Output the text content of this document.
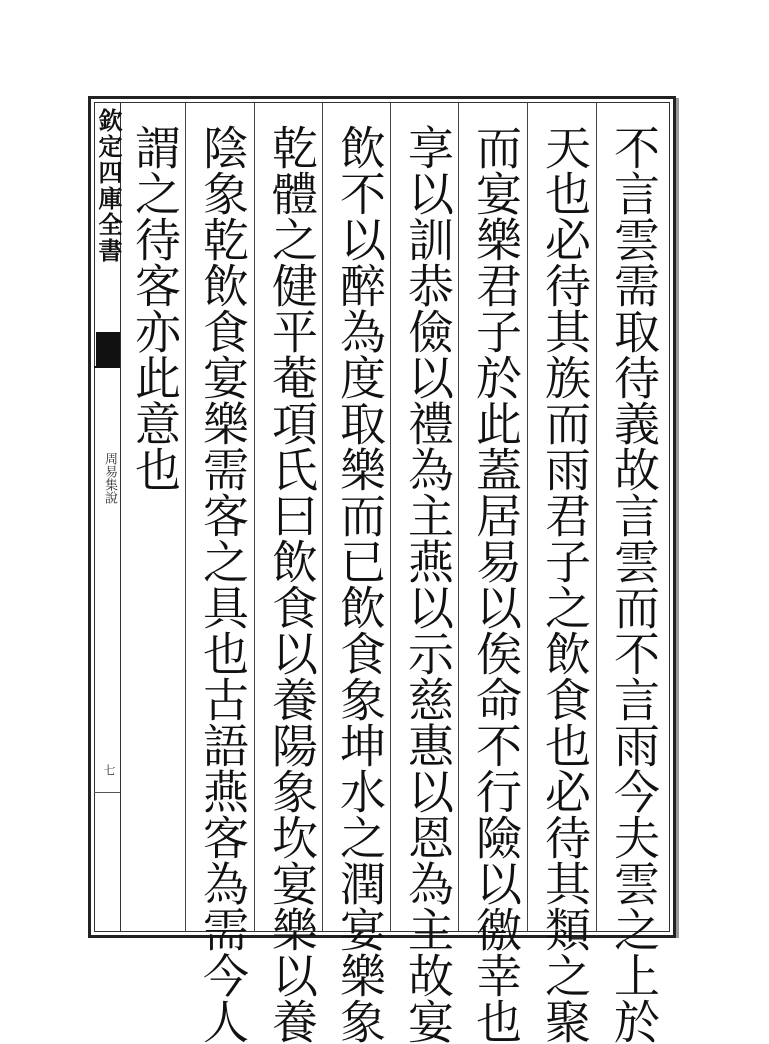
欽定四庫全書
周易集說
七	不言雲需取待義故言雲而不言雨今夫雲之上於
天也必待其族而雨君子之飲食也必待其類之聚
而宴樂君子於此蓋居易以俟命不行險以徼幸也
享以訓恭儉以禮為主燕以示慈惠以恩為主故宴
飲不以醉為度取樂而已飲食象坤水之潤宴樂象
乾體之健平菴項氏曰飲食以養陽象坎宴樂以養
陰象乾飲食宴樂需客之具也古語燕客為需今人
謂之待客亦此意也
